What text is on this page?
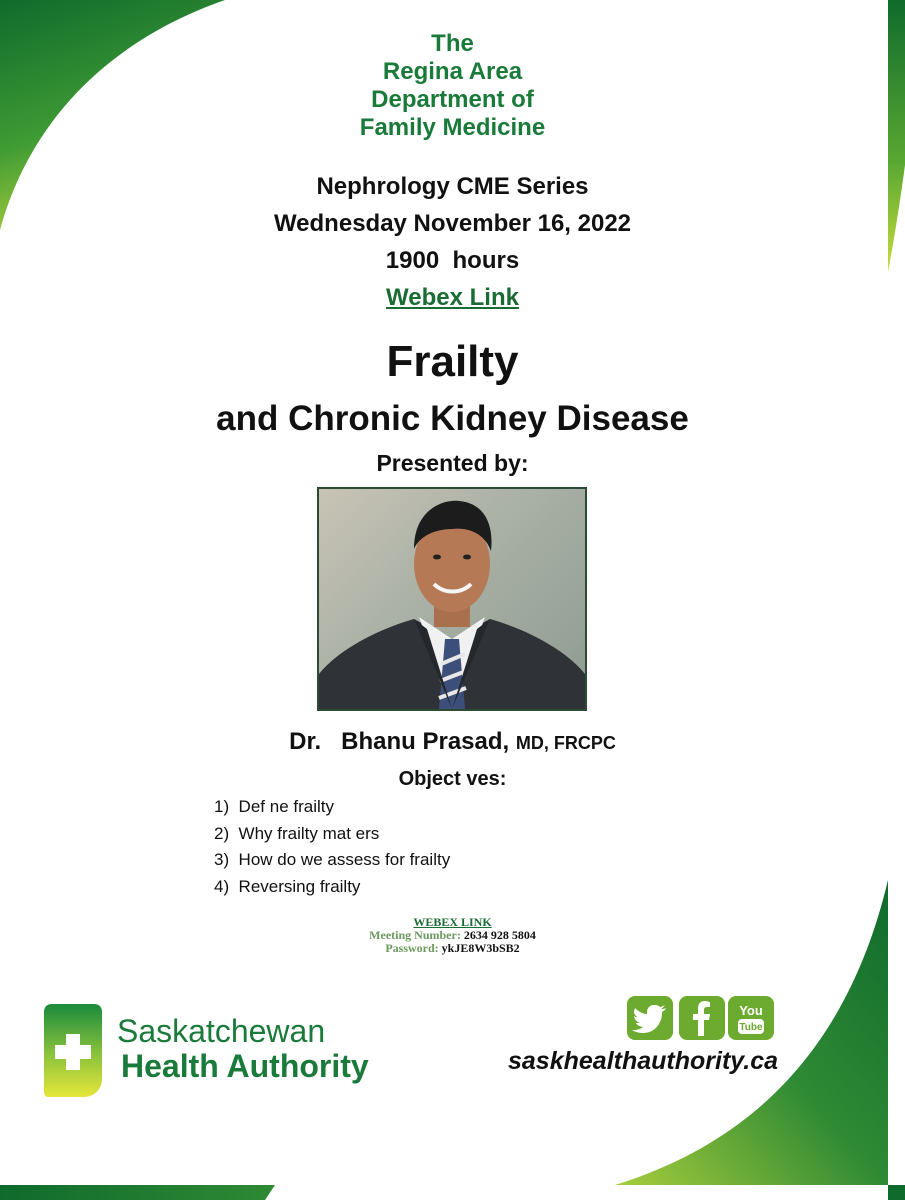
The
Regina Area
Department of
Family Medicine
Nephrology CME Series
Wednesday November 16, 2022
1900  hours
Webex Link
Frailty
and Chronic Kidney Disease
Presented by:
Dr.   Bhanu Prasad, MD, FRCPC
Object ves:
1)  Def ne frailty
2)  Why frailty mat ers
3)  How do we assess for frailty
4)  Reversing frailty
WEBEX LINK
Meeting Number: 2634 928 5804
Password: ykJE8W3bSB2
Saskatchewan
Health Authority
You
Tube
saskhealthauthority.ca
